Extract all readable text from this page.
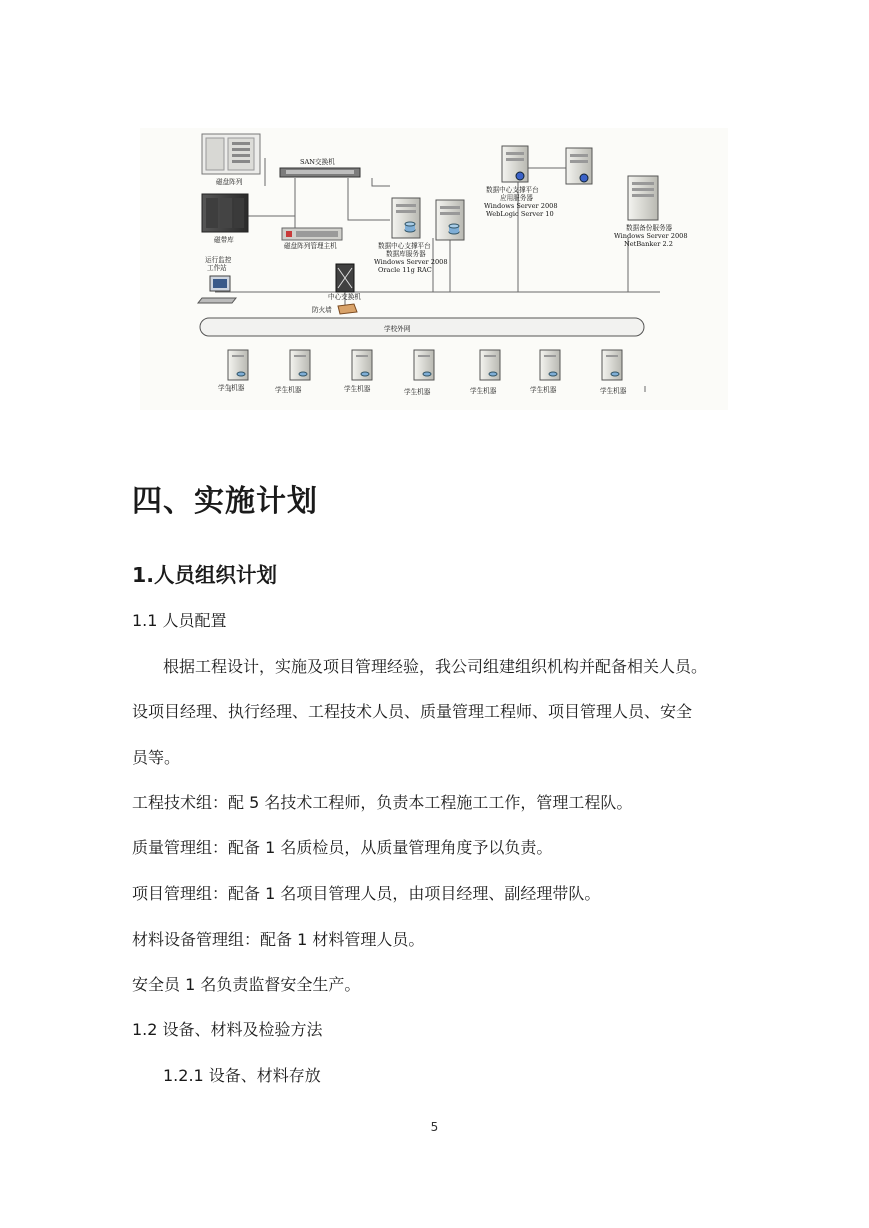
磁盘阵列
磁带库
SAN交换机
磁盘阵列管理主机
运行监控
工作站
中心交换机
防火墙
数据中心支撑平台
数据库服务器
Windows Server 2008
Oracle 11g RAC
数据中心支撑平台
应用服务器
Windows Server 2008
WebLogic Server 10
数据备份服务器
Windows Server 2008
NetBanker 2.2
学校外网
学生机器	学生机器	学生机器	学生机器	学生机器	学生机器	学生机器
四、实施计划
1.人员组织计划

1.1 人员配置

根据工程设计，实施及项目管理经验，我公司组建组织机构并配备相关人员。

设项目经理、执行经理、工程技术人员、质量管理工程师、项目管理人员、安全

员等。

工程技术组：配 5 名技术工程师，负责本工程施工工作，管理工程队。

质量管理组：配备 1 名质检员，从质量管理角度予以负责。

项目管理组：配备 1 名项目管理人员，由项目经理、副经理带队。

材料设备管理组：配备 1 材料管理人员。

安全员 1 名负责监督安全生产。

1.2 设备、材料及检验方法

1.2.1 设备、材料存放

5
